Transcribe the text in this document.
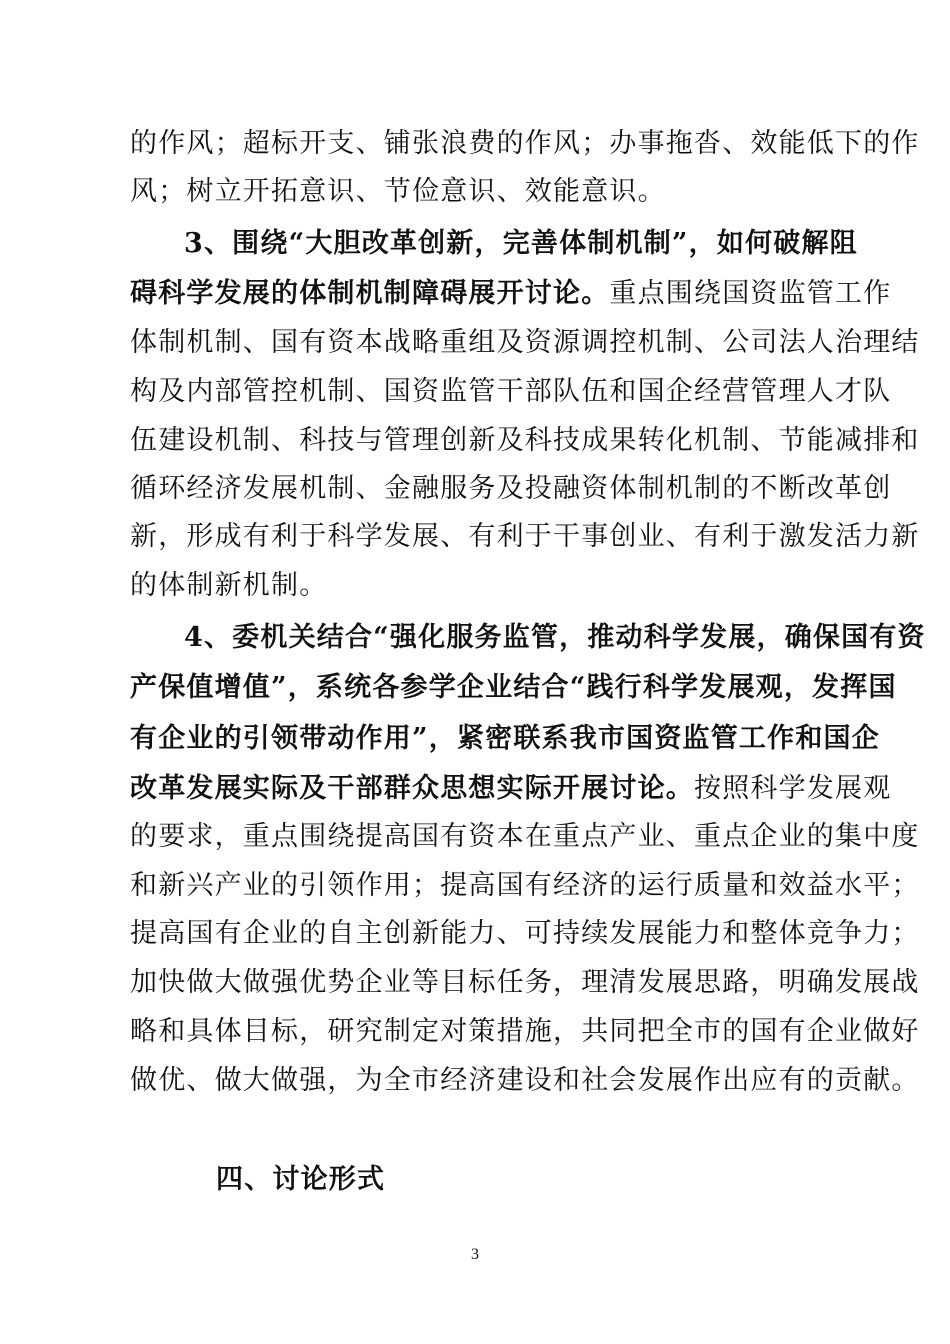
的作风；超标开支、铺张浪费的作风；办事拖沓、效能低下的作
风；树立开拓意识、节俭意识、效能意识。
3、围绕“大胆改革创新，完善体制机制”，如何破解阻
碍科学发展的体制机制障碍展开讨论。重点围绕国资监管工作
体制机制、国有资本战略重组及资源调控机制、公司法人治理结
构及内部管控机制、国资监管干部队伍和国企经营管理人才队
伍建设机制、科技与管理创新及科技成果转化机制、节能减排和
循环经济发展机制、金融服务及投融资体制机制的不断改革创
新，形成有利于科学发展、有利于干事创业、有利于激发活力新
的体制新机制。
4、委机关结合“强化服务监管，推动科学发展，确保国有资
产保值增值”，系统各参学企业结合“践行科学发展观，发挥国
有企业的引领带动作用”，紧密联系我市国资监管工作和国企
改革发展实际及干部群众思想实际开展讨论。按照科学发展观
的要求，重点围绕提高国有资本在重点产业、重点企业的集中度
和新兴产业的引领作用；提高国有经济的运行质量和效益水平；
提高国有企业的自主创新能力、可持续发展能力和整体竞争力；
加快做大做强优势企业等目标任务，理清发展思路，明确发展战
略和具体目标，研究制定对策措施，共同把全市的国有企业做好
做优、做大做强，为全市经济建设和社会发展作出应有的贡献。
四、讨论形式
3
